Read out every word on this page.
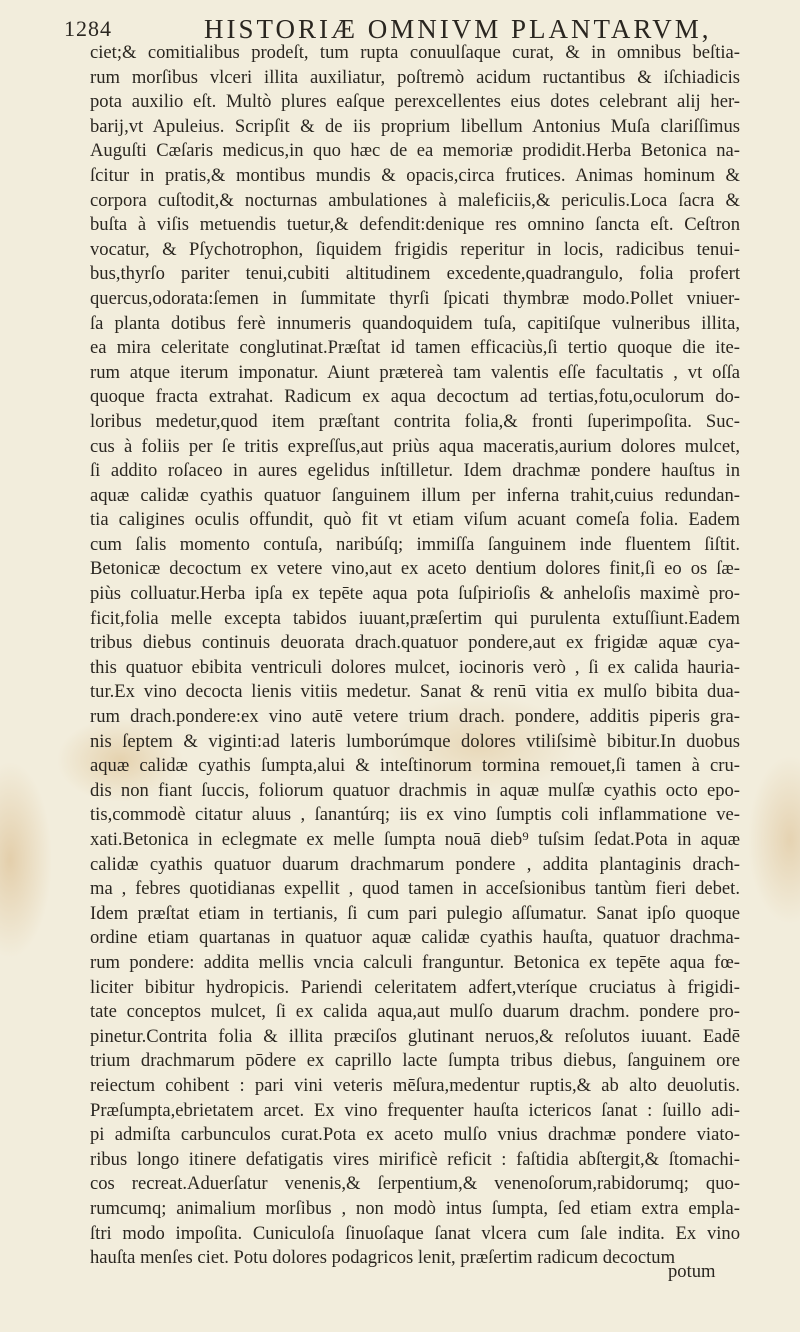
1284	HISTORIÆ OMNIVM PLANTARVM,
ciet;& comitialibus prodeſt, tum rupta conuulſaque curat, & in omnibus beſtia-
rum morſibus vlceri illita auxiliatur, poſtremò acidum ructantibus & iſchiadicis
pota auxilio eſt. Multò plures eaſque perexcellentes eius dotes celebrant alij her-
barij,vt Apuleius. Scripſit & de iis proprium libellum Antonius Muſa clariſſimus
Auguſti Cæſaris medicus,in quo hæc de ea memoriæ prodidit.Herba Betonica na-
ſcitur in pratis,& montibus mundis & opacis,circa frutices. Animas hominum &
corpora cuſtodit,& nocturnas ambulationes à maleficiis,& periculis.Loca ſacra &
buſta à viſis metuendis tuetur,& defendit:denique res omnino ſancta eſt. Ceſtron
vocatur, & Pſychotrophon, ſiquidem frigidis reperitur in locis, radicibus tenui-
bus,thyrſo pariter tenui,cubiti altitudinem excedente,quadrangulo, folia profert
quercus,odorata:ſemen in ſummitate thyrſi ſpicati thymbræ modo.Pollet vniuer-
ſa planta dotibus ferè innumeris quandoquidem tuſa, capitiſque vulneribus illita,
ea mira celeritate conglutinat.Præſtat id tamen efficaciùs,ſi tertio quoque die ite-
rum atque iterum imponatur. Aiunt prætereà tam valentis eſſe facultatis , vt oſſa
quoque fracta extrahat. Radicum ex aqua decoctum ad tertias,fotu,oculorum do-
loribus medetur,quod item præſtant contrita folia,& fronti ſuperimpoſita. Suc-
cus à foliis per ſe tritis expreſſus,aut priùs aqua maceratis,aurium dolores mulcet,
ſi addito roſaceo in aures egelidus inſtilletur. Idem drachmæ pondere hauſtus in
aquæ calidæ cyathis quatuor ſanguinem illum per inferna trahit,cuius redundan-
tia caligines oculis offundit, quò fit vt etiam viſum acuant comeſa folia. Eadem
cum ſalis momento contuſa, naribúſq; immiſſa ſanguinem inde fluentem ſiſtit.
Betonicæ decoctum ex vetere vino,aut ex aceto dentium dolores finit,ſi eo os ſæ-
piùs colluatur.Herba ipſa ex tepēte aqua pota ſuſpirioſis & anheloſis maximè pro-
ficit,folia melle excepta tabidos iuuant,præſertim qui purulenta extuſſiunt.Eadem
tribus diebus continuis deuorata drach.quatuor pondere,aut ex frigidæ aquæ cya-
this quatuor ebibita ventriculi dolores mulcet, iocinoris verò , ſi ex calida hauria-
tur.Ex vino decocta lienis vitiis medetur. Sanat & renū vitia ex mulſo bibita dua-
rum drach.pondere:ex vino autē vetere trium drach. pondere, additis piperis gra-
nis ſeptem & viginti:ad lateris lumborúmque dolores vtiliſsimè bibitur.In duobus
aquæ calidæ cyathis ſumpta,alui & inteſtinorum tormina remouet,ſi tamen à cru-
dis non fiant ſuccis, foliorum quatuor drachmis in aquæ mulſæ cyathis octo epo-
tis,commodè citatur aluus , ſanantúrq; iis ex vino ſumptis coli inflammatione ve-
xati.Betonica in eclegmate ex melle ſumpta nouā dieb⁹ tuſsim ſedat.Pota in aquæ
calidæ cyathis quatuor duarum drachmarum pondere , addita plantaginis drach-
ma , febres quotidianas expellit , quod tamen in acceſsionibus tantùm fieri debet.
Idem præſtat etiam in tertianis, ſi cum pari pulegio aſſumatur. Sanat ipſo quoque
ordine etiam quartanas in quatuor aquæ calidæ cyathis hauſta, quatuor drachma-
rum pondere: addita mellis vncia calculi franguntur. Betonica ex tepēte aqua fœ-
liciter bibitur hydropicis. Pariendi celeritatem adfert,vteríque cruciatus à frigidi-
tate conceptos mulcet, ſi ex calida aqua,aut mulſo duarum drachm. pondere pro-
pinetur.Contrita folia & illita præciſos glutinant neruos,& reſolutos iuuant. Eadē
trium drachmarum pōdere ex caprillo lacte ſumpta tribus diebus, ſanguinem ore
reiectum cohibent : pari vini veteris mēſura,medentur ruptis,& ab alto deuolutis.
Præſumpta,ebrietatem arcet. Ex vino frequenter hauſta ictericos ſanat : ſuillo adi-
pi admiſta carbunculos curat.Pota ex aceto mulſo vnius drachmæ pondere viato-
ribus longo itinere defatigatis vires mirificè reficit : faſtidia abſtergit,& ſtomachi-
cos recreat.Aduerſatur venenis,& ſerpentium,& venenoſorum,rabidorumq; quo-
rumcumq; animalium morſibus , non modò intus ſumpta, ſed etiam extra empla-
ſtri modo impoſita. Cuniculoſa ſinuoſaque ſanat vlcera cum ſale indita. Ex vino
hauſta menſes ciet. Potu dolores podagricos lenit, præſertim radicum decoctum
potum
